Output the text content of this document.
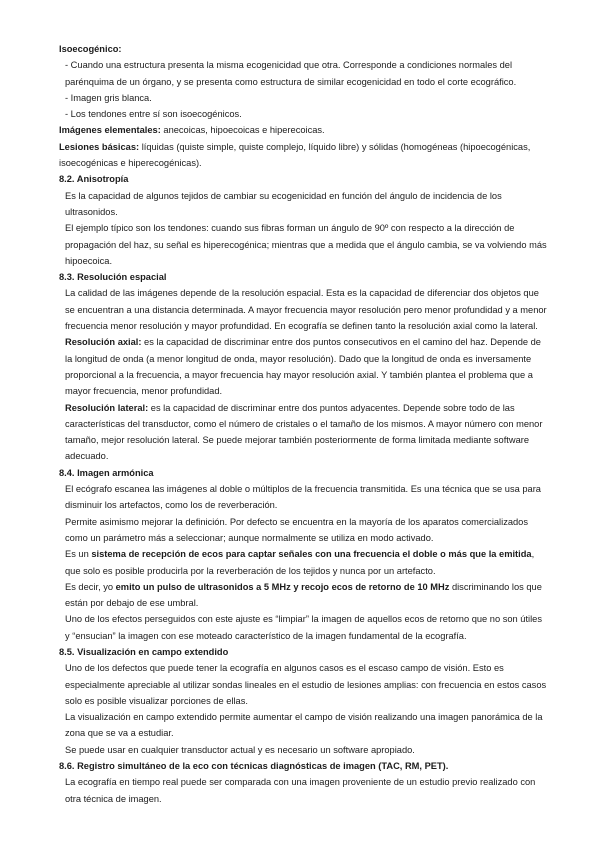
Isoecogénico:
- Cuando una estructura presenta la misma ecogenicidad que otra. Corresponde a condiciones normales del parénquima de un órgano, y se presenta como estructura de similar ecogenicidad en todo el corte ecográfico.
- Imagen gris blanca.
- Los tendones entre sí son isoecogénicos.
Imágenes elementales: anecoicas, hipoecoicas e hiperecoicas.
Lesiones básicas: líquidas (quiste simple, quiste complejo, líquido libre) y sólidas (homogéneas (hipoecogénicas, isoecogénicas e hiperecogénicas).
8.2. Anisotropía
Es la capacidad de algunos tejidos de cambiar su ecogenicidad en función del ángulo de incidencia de los ultrasonidos.
El ejemplo típico son los tendones: cuando sus fibras forman un ángulo de 90º con respecto a la dirección de propagación del haz, su señal es hiperecogénica; mientras que a medida que el ángulo cambia, se va volviendo más hipoecoica.
8.3. Resolución espacial
La calidad de las imágenes depende de la resolución espacial. Esta es la capacidad de diferenciar dos objetos que se encuentran a una distancia determinada. A mayor frecuencia mayor resolución pero menor profundidad y a menor frecuencia menor resolución y mayor profundidad. En ecografía se definen tanto la resolución axial como la lateral.
Resolución axial: es la capacidad de discriminar entre dos puntos consecutivos en el camino del haz. Depende de la longitud de onda (a menor longitud de onda, mayor resolución). Dado que la longitud de onda es inversamente proporcional a la frecuencia, a mayor frecuencia hay mayor resolución axial. Y también plantea el problema que a mayor frecuencia, menor profundidad.
Resolución lateral: es la capacidad de discriminar entre dos puntos adyacentes. Depende sobre todo de las características del transductor, como el número de cristales o el tamaño de los mismos. A mayor número con menor tamaño, mejor resolución lateral. Se puede mejorar también posteriormente de forma limitada mediante software adecuado.
8.4. Imagen armónica
El ecógrafo escanea las imágenes al doble o múltiplos de la frecuencia transmitida. Es una técnica que se usa para disminuir los artefactos, como los de reverberación.
Permite asimismo mejorar la definición. Por defecto se encuentra en la mayoría de los aparatos comercializados como un parámetro más a seleccionar; aunque normalmente se utiliza en modo activado.
Es un sistema de recepción de ecos para captar señales con una frecuencia el doble o más que la emitida, que solo es posible producirla por la reverberación de los tejidos y nunca por un artefacto.
Es decir, yo emito un pulso de ultrasonidos a 5 MHz y recojo ecos de retorno de 10 MHz discriminando los que están por debajo de ese umbral.
Uno de los efectos perseguidos con este ajuste es “limpiar” la imagen de aquellos ecos de retorno que no son útiles y “ensucian” la imagen con ese moteado característico de la imagen fundamental de la ecografía.
8.5. Visualización en campo extendido
Uno de los defectos que puede tener la ecografía en algunos casos es el escaso campo de visión. Esto es especialmente apreciable al utilizar sondas lineales en el estudio de lesiones amplias: con frecuencia en estos casos solo es posible visualizar porciones de ellas.
La visualización en campo extendido permite aumentar el campo de visión realizando una imagen panorámica de la zona que se va a estudiar.
Se puede usar en cualquier transductor actual y es necesario un software apropiado.
8.6. Registro simultáneo de la eco con técnicas diagnósticas de imagen (TAC, RM, PET).
La ecografía en tiempo real puede ser comparada con una imagen proveniente de un estudio previo realizado con otra técnica de imagen.
